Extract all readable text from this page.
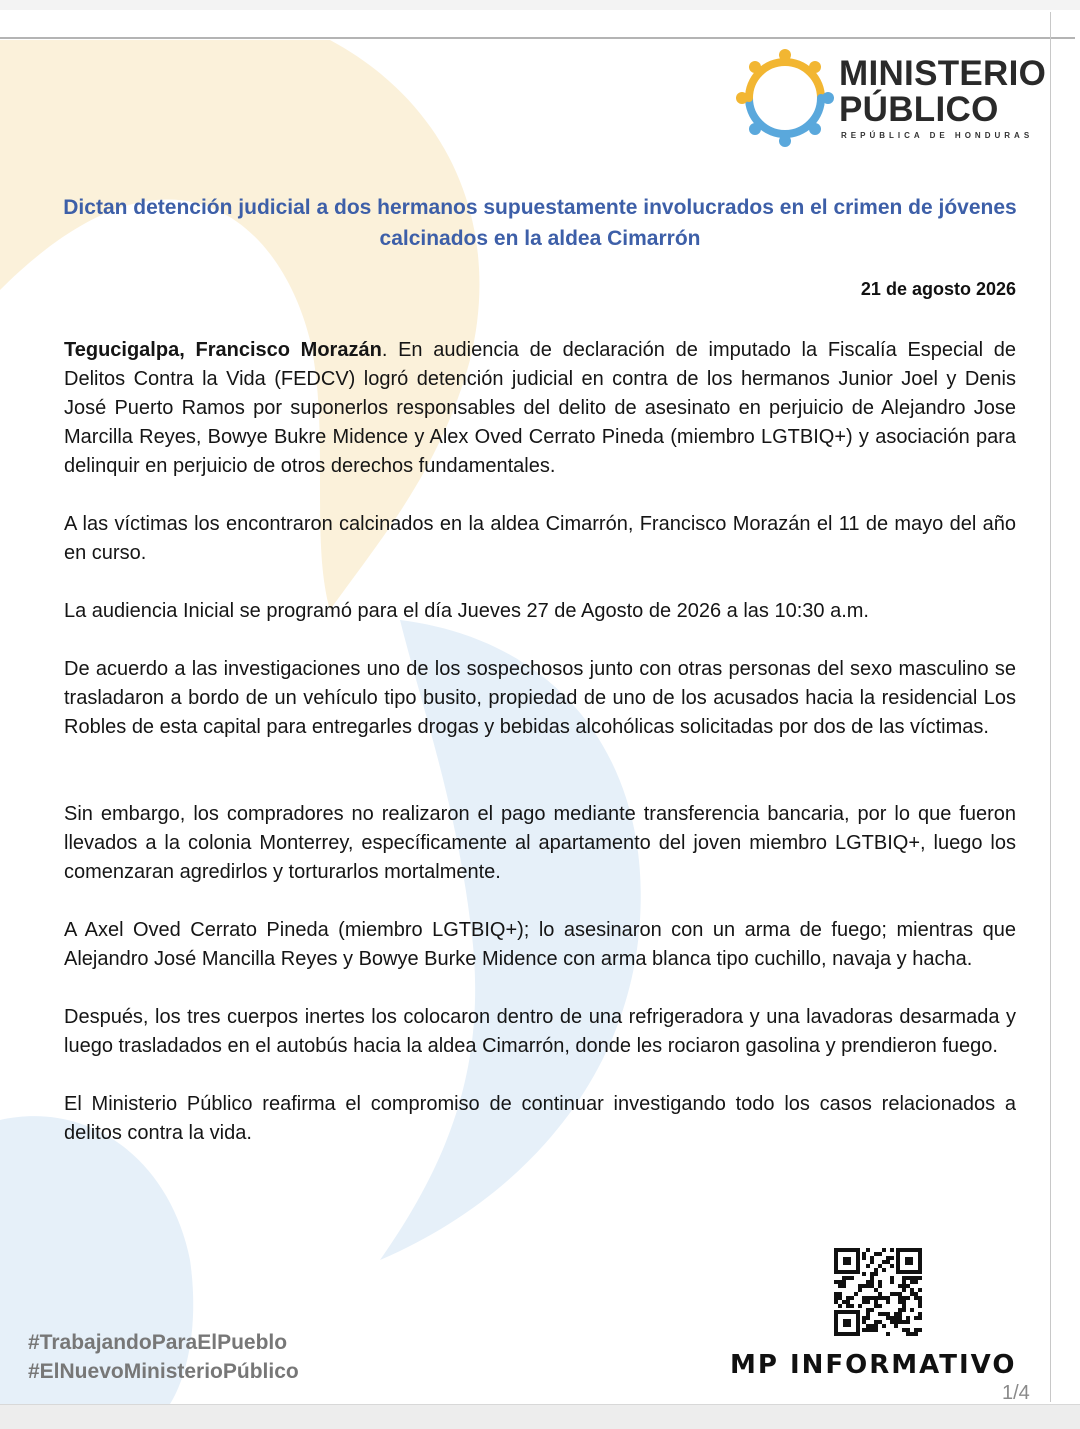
MINISTERIO
PÚBLICO
REPÚBLICA DE HONDURAS
Dictan detención judicial a dos hermanos supuestamente involucrados en el crimen de jóvenes calcinados en la aldea Cimarrón
21 de agosto 2026

Tegucigalpa, Francisco Morazán. En audiencia de declaración de imputado la Fiscalía Especial de Delitos Contra la Vida (FEDCV) logró detención judicial en contra de los hermanos Junior Joel y Denis José Puerto Ramos por suponerlos responsables del delito de asesinato en perjuicio de Alejandro Jose Marcilla Reyes, Bowye Bukre Midence y Alex Oved Cerrato Pineda (miembro LGTBIQ+) y asociación para delinquir en perjuicio de otros derechos fundamentales.

A las víctimas los encontraron calcinados en la aldea Cimarrón, Francisco Morazán el 11 de mayo del año en curso.

La audiencia Inicial se programó para el día Jueves 27 de Agosto de 2026 a las 10:30 a.m.

De acuerdo a las investigaciones uno de los sospechosos junto con otras personas del sexo masculino se trasladaron a bordo de un vehículo tipo busito, propiedad de uno de los acusados hacia la residencial Los Robles de esta capital para entregarles drogas y bebidas alcohólicas solicitadas por dos de las víctimas.

Sin embargo, los compradores no realizaron el pago mediante transferencia bancaria, por lo que fueron llevados a la colonia Monterrey, específicamente al apartamento del joven miembro LGTBIQ+, luego los comenzaran agredirlos y torturarlos mortalmente.

A Axel Oved Cerrato Pineda (miembro LGTBIQ+); lo asesinaron con un arma de fuego; mientras que Alejandro José Mancilla Reyes y Bowye Burke Midence con arma blanca tipo cuchillo, navaja y hacha.

Después, los tres cuerpos inertes los colocaron dentro de una refrigeradora y una lavadoras desarmada y luego trasladados en el autobús hacia la aldea Cimarrón, donde les rociaron gasolina y prendieron fuego.

El Ministerio Público reafirma el compromiso de continuar investigando todo los casos relacionados a delitos contra la vida.

#TrabajandoParaElPueblo
#ElNuevoMinisterioPúblico	MP INFORMATIVO
1/4
